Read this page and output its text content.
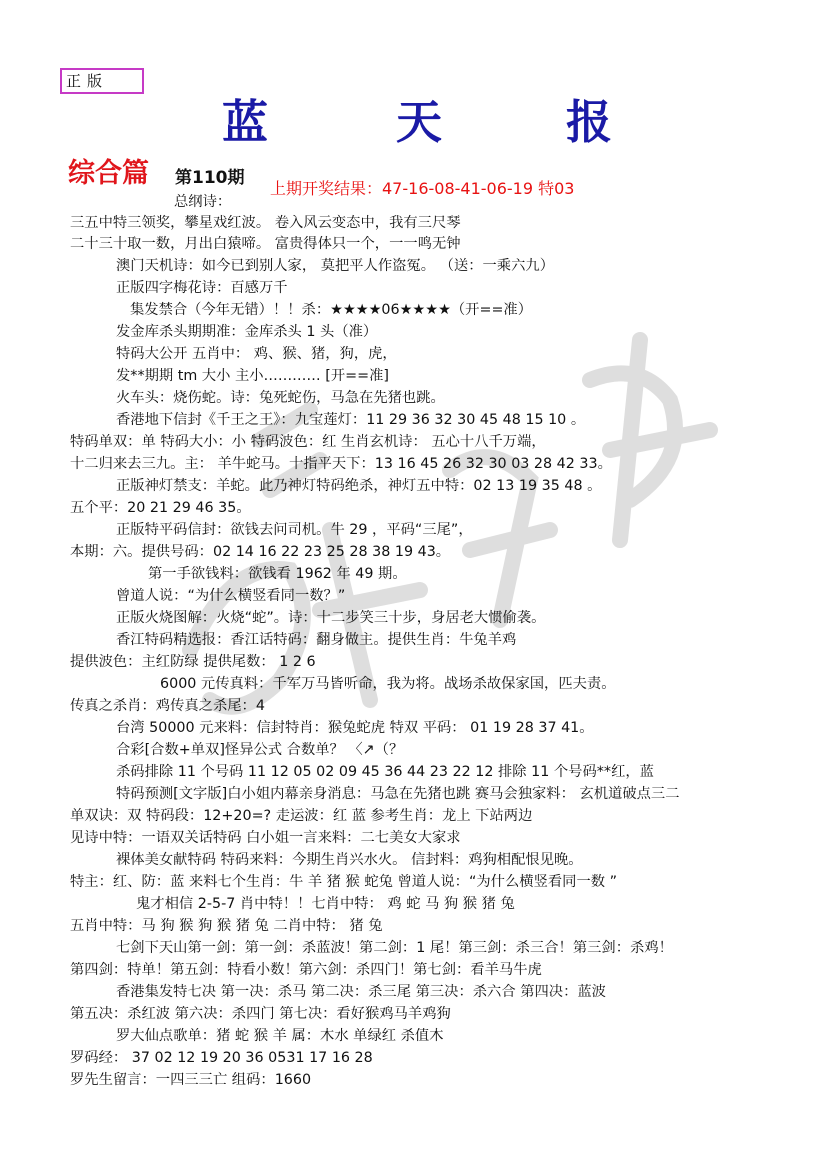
正版
蓝	天	报
综合篇 第110期
上期开奖结果：47-16-08-41-06-19 特03
总纲诗：
三五中特三领奖，攀星戏红波。 卷入风云变态中，我有三尺琴
二十三十取一数，月出白猿啼。 富贵得体只一个，一一鸣无钟
澳门天机诗：如今已到别人家， 莫把平人作盗冤。 （送：一乘六九）
正版四字梅花诗：百感万千
集发禁合（今年无错）！！杀：★★★★06★★★★（开==准）
发金库杀头期期准：金库杀头 1 头（准）
特码大公开 五肖中： 鸡、猴、猪，狗，虎，
发**期期 tm 大小 主小………… [开==准]
火车头：烧伤蛇。诗：兔死蛇伤，马急在先猪也跳。
香港地下信封《千王之王》：九宝莲灯：11 29 36 32 30 45 48 15 10 。
特码单双：单 特码大小：小 特码波色：红 生肖玄机诗： 五心十八千万端，
十二归来去三九。主： 羊牛蛇马。十指平天下：13 16 45 26 32 30 03 28 42 33。
正版神灯禁支：羊蛇。此乃神灯特码绝杀，神灯五中特：02 13 19 35 48 。
五个平：20 21 29 46 35。
正版特平码信封：欲钱去问司机。牛 29 ，平码“三尾”，
本期：六。提供号码：02 14 16 22 23 25 28 38 19 43。
第一手欲钱料：欲钱看 1962 年 49 期。
曾道人说：“为什么横竖看同一数？”
正版火烧图解：火烧“蛇”。诗：十二步笑三十步，身居老大惯偷袭。
香江特码精选报：香江话特码：翻身做主。提供生肖：牛兔羊鸡
提供波色：主红防绿 提供尾数： 1 2 6
6000 元传真料：千军万马皆听命，我为将。战场杀故保家国，匹夫责。
传真之杀肖：鸡传真之杀尾：4
台湾 50000 元来料：信封特肖：猴兔蛇虎 特双 平码： 01 19 28 37 41。
合彩[合数+单双]怪异公式 合数单？ 〈↗（？
杀码排除 11 个号码 11 12 05 02 09 45 36 44 23 22 12 排除 11 个号码**红，蓝
特码预测[文字版]白小姐内幕亲身消息：马急在先猪也跳 赛马会独家料： 玄机道破点三二
单双诀：双 特码段：12+20=? 走运波：红 蓝 参考生肖：龙上 下站两边
见诗中特：一语双关话特码 白小姐一言来料：二七美女大家求
裸体美女献特码 特码来料：今期生肖兴水火。 信封料：鸡狗相配恨见晚。
特主：红、防：蓝 来料七个生肖：牛 羊 猪 猴 蛇兔 曾道人说：“为什么横竖看同一数 ”
鬼才相信 2-5-7 肖中特！！七肖中特： 鸡 蛇 马 狗 猴 猪 兔
五肖中特：马 狗 猴 狗 猴 猪 兔 二肖中特： 猪 兔
七剑下天山第一剑：第一剑：杀蓝波！第二剑：1 尾！第三剑：杀三合！第三剑：杀鸡！
第四剑：特单！第五剑：特看小数！第六剑：杀四门！第七剑：看羊马牛虎
香港集发特七决 第一决：杀马 第二决：杀三尾 第三决：杀六合 第四决：蓝波
第五决：杀红波 第六决：杀四门 第七决：看好猴鸡马羊鸡狗
罗大仙点歌单：猪 蛇 猴 羊 属：木水 单绿红 杀值木
罗码经： 37 02 12 19 20 36 0531 17 16 28
罗先生留言：一四三三亡 组码：1660
